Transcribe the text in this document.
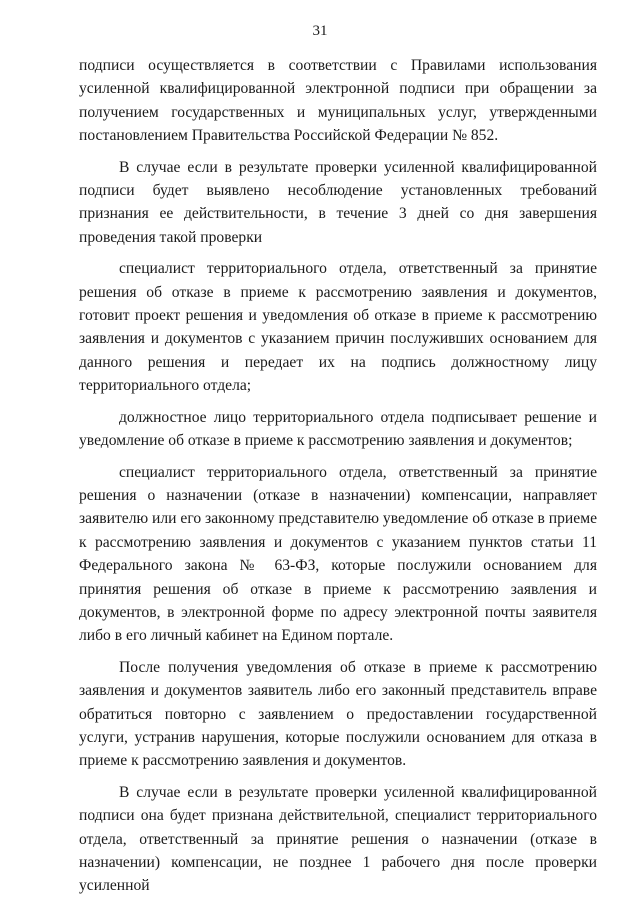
31

подписи осуществляется в соответствии с Правилами использования усиленной квалифицированной электронной подписи при обращении за получением государственных и муниципальных услуг, утвержденными постановлением Правительства Российской Федерации № 852.

В случае если в результате проверки усиленной квалифицированной подписи будет выявлено несоблюдение установленных требований признания ее действительности, в течение 3 дней со дня завершения проведения такой проверки

специалист территориального отдела, ответственный за принятие решения об отказе в приеме к рассмотрению заявления и документов, готовит проект решения и уведомления об отказе в приеме к рассмотрению заявления и документов с указанием причин послуживших основанием для данного решения и передает их на подпись должностному лицу территориального отдела;

должностное лицо территориального отдела подписывает решение и уведомление об отказе в приеме к рассмотрению заявления и документов;

специалист территориального отдела, ответственный за принятие решения о назначении (отказе в назначении) компенсации, направляет заявителю или его законному представителю уведомление об отказе в приеме к рассмотрению заявления и документов с указанием пунктов статьи 11 Федерального закона № 63-ФЗ, которые послужили основанием для принятия решения об отказе в приеме к рассмотрению заявления и документов, в электронной форме по адресу электронной почты заявителя либо в его личный кабинет на Едином портале.

После получения уведомления об отказе в приеме к рассмотрению заявления и документов заявитель либо его законный представитель вправе обратиться повторно с заявлением о предоставлении государственной услуги, устранив нарушения, которые послужили основанием для отказа в приеме к рассмотрению заявления и документов.

В случае если в результате проверки усиленной квалифицированной подписи она будет признана действительной, специалист территориального отдела, ответственный за принятие решения о назначении (отказе в назначении) компенсации, не позднее 1 рабочего дня после проверки усиленной
